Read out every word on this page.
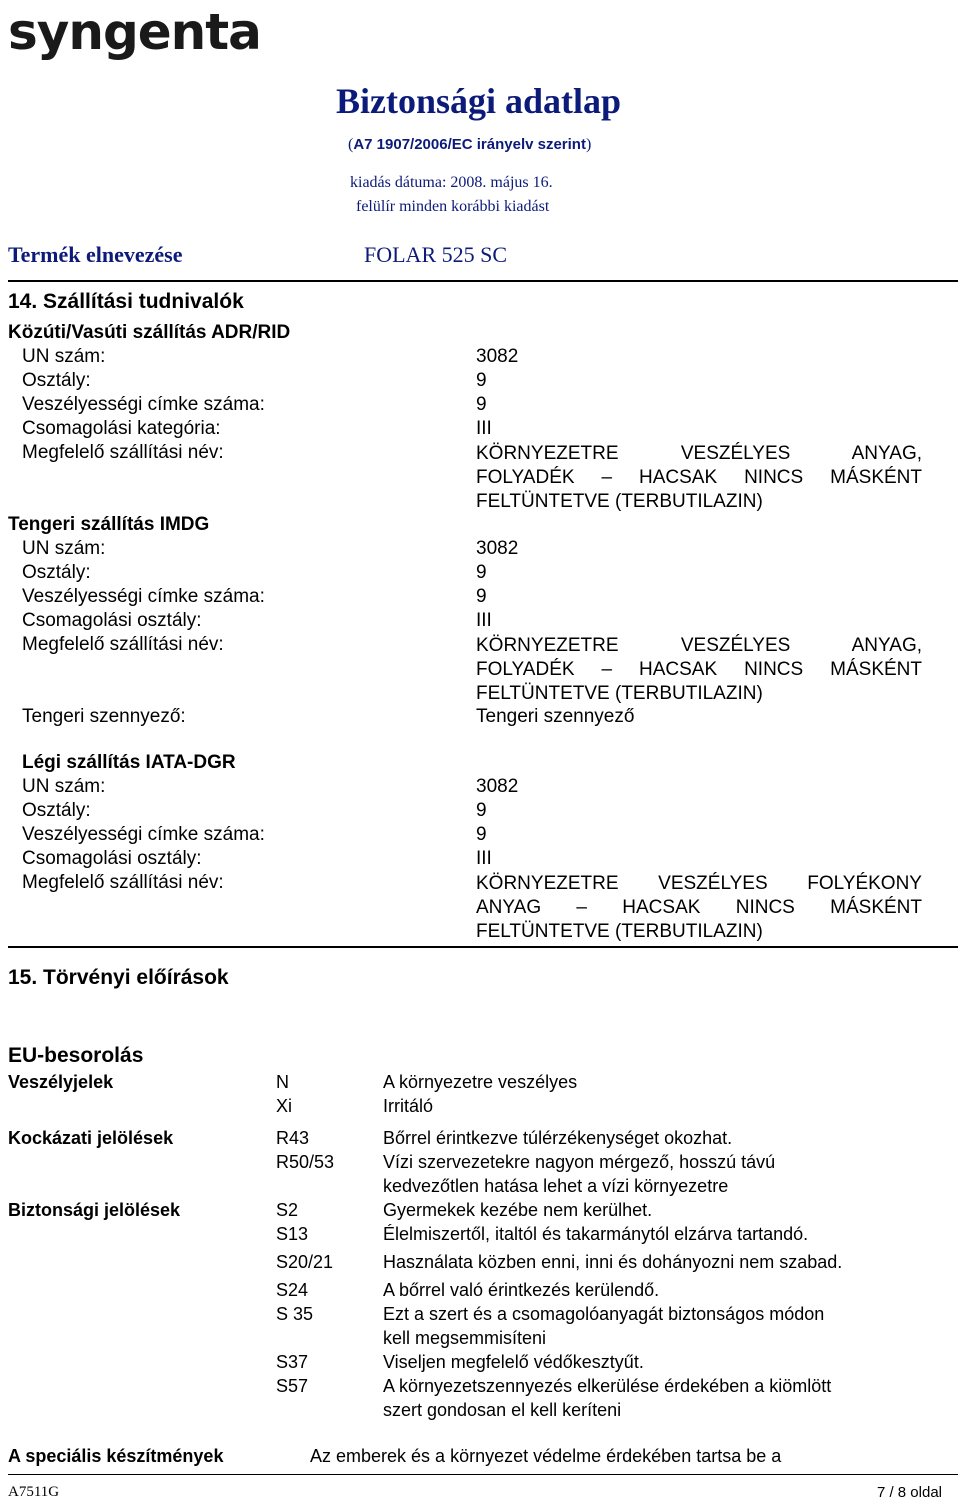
syngenta
Biztonsági adatlap
(A7 1907/2006/EC irányelv szerint)
kiadás dátuma: 2008. május 16.
felülír minden korábbi kiadást
Termék elnevezése	FOLAR 525 SC
14. Szállítási tudnivalók
Közúti/Vasúti szállítás ADR/RID
UN szám:	3082
Osztály:	9
Veszélyességi címke száma:	9
Csomagolási kategória:	III
Megfelelő szállítási név:	KÖRNYEZETRE VESZÉLYES ANYAG,
FOLYADÉK – HACSAK NINCS MÁSKÉNT
FELTÜNTETVE (TERBUTILAZIN)
Tengeri szállítás IMDG
UN szám:	3082
Osztály:	9
Veszélyességi címke száma:	9
Csomagolási osztály:	III
Megfelelő szállítási név:	KÖRNYEZETRE VESZÉLYES ANYAG,
FOLYADÉK – HACSAK NINCS MÁSKÉNT
FELTÜNTETVE (TERBUTILAZIN)
Tengeri szennyező:	Tengeri szennyező
Légi szállítás IATA-DGR
UN szám:	3082
Osztály:	9
Veszélyességi címke száma:	9
Csomagolási osztály:	III
Megfelelő szállítási név:	KÖRNYEZETRE VESZÉLYES FOLYÉKONY
ANYAG – HACSAK NINCS MÁSKÉNT
FELTÜNTETVE (TERBUTILAZIN)
15. Törvényi előírások
EU-besorolás
Veszélyjelek	N	A környezetre veszélyes
Xi	Irritáló
Kockázati jelölések	R43	Bőrrel érintkezve túlérzékenységet okozhat.
R50/53	Vízi szervezetekre nagyon mérgező, hosszú távú
kedvezőtlen hatása lehet a vízi környezetre
Biztonsági jelölések	S2	Gyermekek kezébe nem kerülhet.
S13	Élelmiszertől, italtól és takarmánytól elzárva tartandó.
S20/21	Használata közben enni, inni és dohányozni nem szabad.
S24	A bőrrel való érintkezés kerülendő.
S 35	Ezt a szert és a csomagolóanyagát biztonságos módon
kell megsemmisíteni
S37	Viseljen megfelelő védőkesztyűt.
S57	A környezetszennyezés elkerülése érdekében a kiömlött
szert gondosan el kell keríteni
A speciális készítmények	Az emberek és a környezet védelme érdekében tartsa be a
A7511G	7 / 8 oldal
